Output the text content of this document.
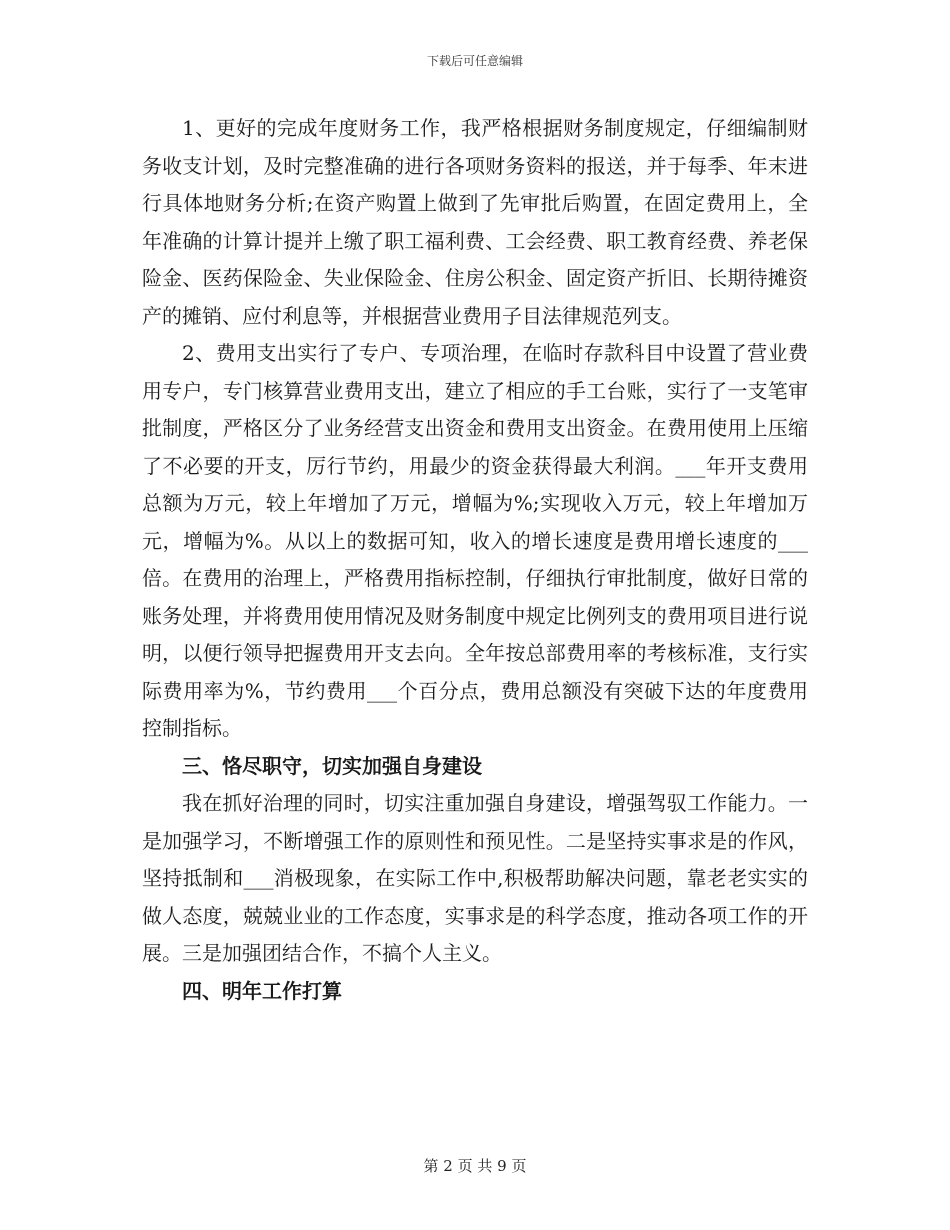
下载后可任意编辑

1、更好的完成年度财务工作，我严格根据财务制度规定，仔细编制财务收支计划，及时完整准确的进行各项财务资料的报送，并于每季、年末进行具体地财务分析;在资产购置上做到了先审批后购置，在固定费用上，全年准确的计算计提并上缴了职工福利费、工会经费、职工教育经费、养老保险金、医药保险金、失业保险金、住房公积金、固定资产折旧、长期待摊资产的摊销、应付利息等，并根据营业费用子目法律规范列支。

2、费用支出实行了专户、专项治理，在临时存款科目中设置了营业费用专户，专门核算营业费用支出，建立了相应的手工台账，实行了一支笔审批制度，严格区分了业务经营支出资金和费用支出资金。在费用使用上压缩了不必要的开支，厉行节约，用最少的资金获得最大利润。___年开支费用总额为万元，较上年增加了万元，增幅为%;实现收入万元，较上年增加万元，增幅为%。从以上的数据可知，收入的增长速度是费用增长速度的___倍。在费用的治理上，严格费用指标控制，仔细执行审批制度，做好日常的账务处理，并将费用使用情况及财务制度中规定比例列支的费用项目进行说明，以便行领导把握费用开支去向。全年按总部费用率的考核标准，支行实际费用率为%，节约费用___个百分点，费用总额没有突破下达的年度费用控制指标。

三、恪尽职守，切实加强自身建设

我在抓好治理的同时，切实注重加强自身建设，增强驾驭工作能力。一是加强学习，不断增强工作的原则性和预见性。二是坚持实事求是的作风，坚持抵制和___消极现象，在实际工作中,积极帮助解决问题，靠老老实实的做人态度，兢兢业业的工作态度，实事求是的科学态度，推动各项工作的开展。三是加强团结合作，不搞个人主义。

四、明年工作打算

第 2 页 共 9 页
